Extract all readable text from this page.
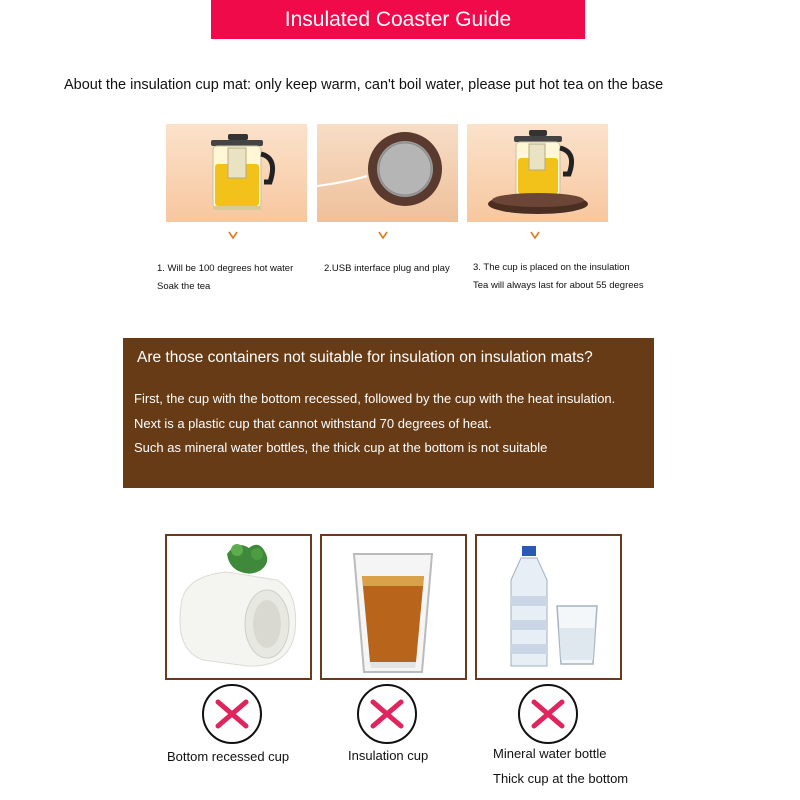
Insulated Coaster Guide
About the insulation cup mat: only keep warm, can't boil water, please put hot tea on the base
1. Will be 100 degrees hot water
Soak the tea
2.USB interface plug and play 3. The cup is placed on the insulation
Tea will always last for about 55 degrees
Are those containers not suitable for insulation on insulation mats?
First, the cup with the bottom recessed, followed by the cup with the heat insulation.
Next is a plastic cup that cannot withstand 70 degrees of heat.
Such as mineral water bottles, the thick cup at the bottom is not suitable
Bottom recessed cup	Insulation cup	Mineral water bottle
Thick cup at the bottom
